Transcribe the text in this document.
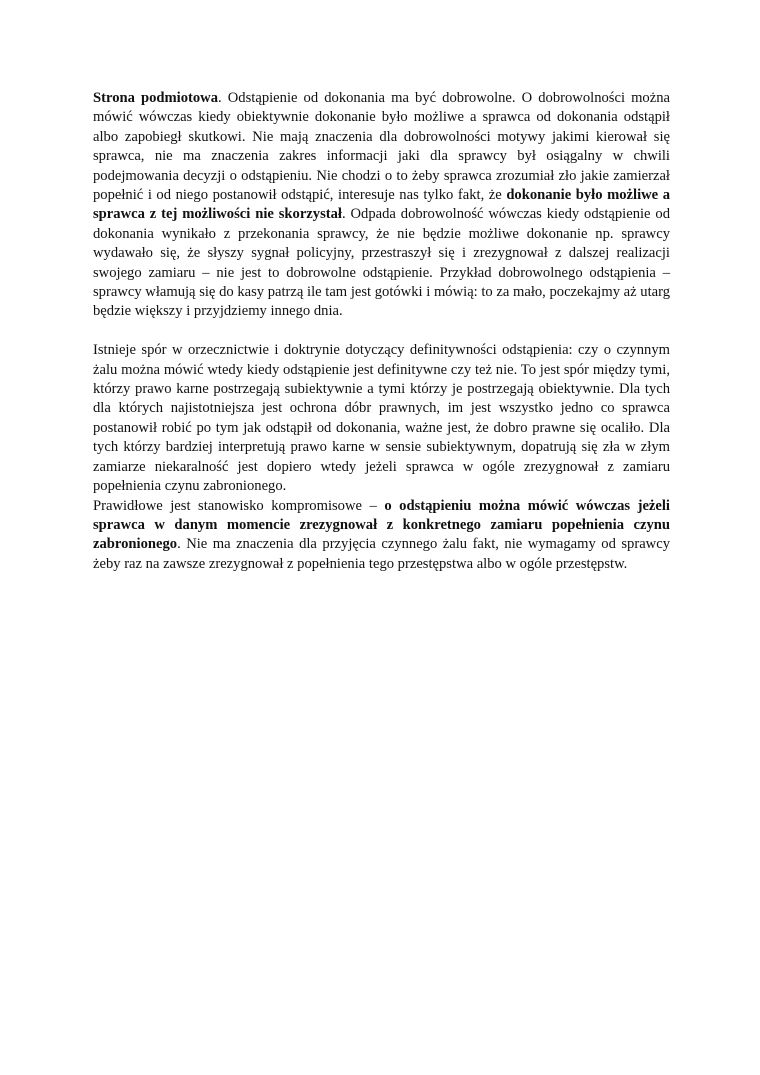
Strona podmiotowa. Odstąpienie od dokonania ma być dobrowolne. O dobrowolności można mówić wówczas kiedy obiektywnie dokonanie było możliwe a sprawca od dokonania odstąpił albo zapobiegł skutkowi. Nie mają znaczenia dla dobrowolności motywy jakimi kierował się sprawca, nie ma znaczenia zakres informacji jaki dla sprawcy był osiągalny w chwili podejmowania decyzji o odstąpieniu. Nie chodzi o to żeby sprawca zrozumiał zło jakie zamierzał popełnić i od niego postanowił odstąpić, interesuje nas tylko fakt, że dokonanie było możliwe a sprawca z tej możliwości nie skorzystał. Odpada dobrowolność wówczas kiedy odstąpienie od dokonania wynikało z przekonania sprawcy, że nie będzie możliwe dokonanie np. sprawcy wydawało się, że słyszy sygnał policyjny, przestraszył się i zrezygnował z dalszej realizacji swojego zamiaru – nie jest to dobrowolne odstąpienie. Przykład dobrowolnego odstąpienia – sprawcy włamują się do kasy patrzą ile tam jest gotówki i mówią: to za mało, poczekajmy aż utarg będzie większy i przyjdziemy innego dnia.

Istnieje spór w orzecznictwie i doktrynie dotyczący definitywności odstąpienia: czy o czynnym żalu można mówić wtedy kiedy odstąpienie jest definitywne czy też nie. To jest spór między tymi, którzy prawo karne postrzegają subiektywnie a tymi którzy je postrzegają obiektywnie. Dla tych dla których najistotniejsza jest ochrona dóbr prawnych, im jest wszystko jedno co sprawca postanowił robić po tym jak odstąpił od dokonania, ważne jest, że dobro prawne się ocaliło. Dla tych którzy bardziej interpretują prawo karne w sensie subiektywnym, dopatrują się zła w złym zamiarze niekaralność jest dopiero wtedy jeżeli sprawca w ogóle zrezygnował z zamiaru popełnienia czynu zabronionego.

Prawidłowe jest stanowisko kompromisowe – o odstąpieniu można mówić wówczas jeżeli sprawca w danym momencie zrezygnował z konkretnego zamiaru popełnienia czynu zabronionego. Nie ma znaczenia dla przyjęcia czynnego żalu fakt, nie wymagamy od sprawcy żeby raz na zawsze zrezygnował z popełnienia tego przestępstwa albo w ogóle przestępstw.
